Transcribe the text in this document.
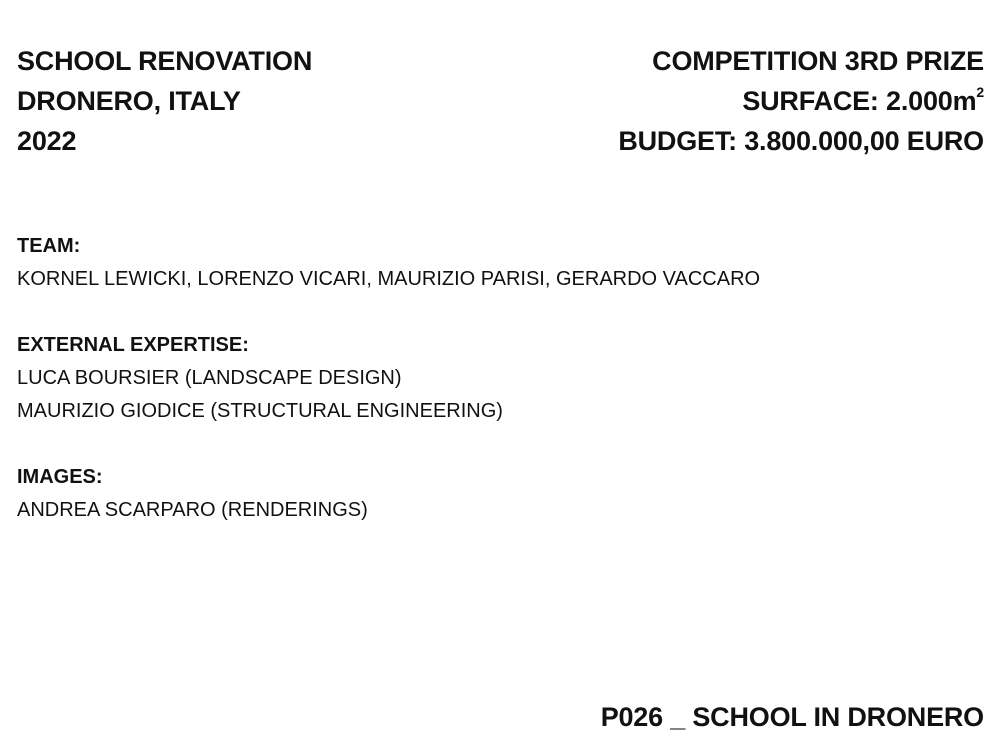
SCHOOL RENOVATION
DRONERO, ITALY
2022
COMPETITION 3RD PRIZE
SURFACE: $2.000m^2$
BUDGET: 3.800.000,00 EURO
TEAM:
KORNEL LEWICKI, LORENZO VICARI, MAURIZIO PARISI, GERARDO VACCARO
EXTERNAL EXPERTISE:
LUCA BOURSIER (LANDSCAPE DESIGN)
MAURIZIO GIODICE (STRUCTURAL ENGINEERING)
IMAGES:
ANDREA SCARPARO (RENDERINGS)
P026 _ SCHOOL IN DRONERO
